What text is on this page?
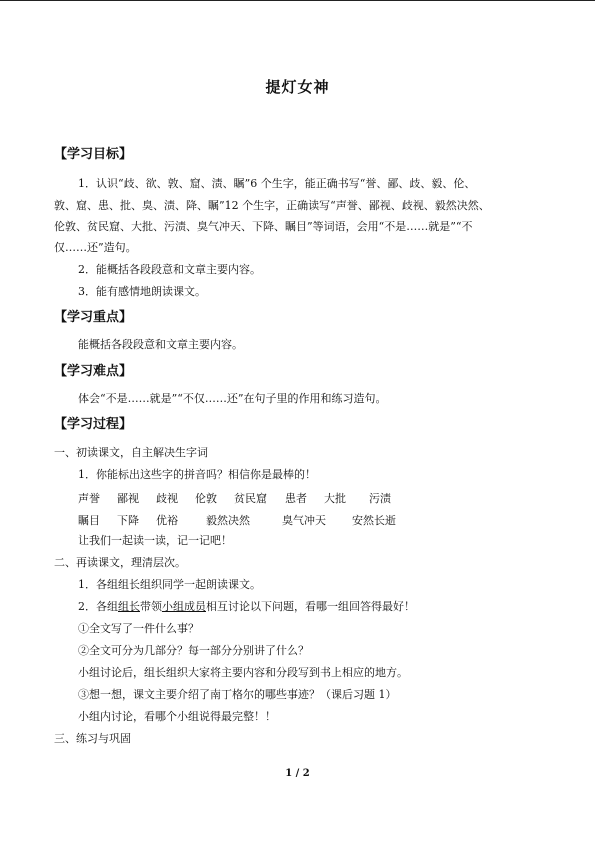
提灯女神
【学习目标】
1．认识“歧、欲、敦、窟、渍、瞩”6 个生字，能正确书写“誉、鄙、歧、毅、伦、
敦、窟、患、批、臭、渍、降、瞩”12 个生字，正确读写“声誉、鄙视、歧视、毅然决然、
伦敦、贫民窟、大批、污渍、臭气冲天、下降、瞩目”等词语，会用“不是……就是”“不
仅……还”造句。
2．能概括各段段意和文章主要内容。
3．能有感情地朗读课文。
【学习重点】
能概括各段段意和文章主要内容。
【学习难点】
体会“不是……就是”“不仅……还”在句子里的作用和练习造句。
【学习过程】
一、初读课文，自主解决生字词
1．你能标出这些字的拼音吗？相信你是最棒的！
声誉 鄙视 歧视 伦敦 贫民窟 患者 大批 污渍
瞩目 下降 优裕	毅然决然	臭气冲天 安然长逝
让我们一起读一读，记一记吧！
二、再读课文，理清层次。
1．各组组长组织同学一起朗读课文。
2．各组组长带领小组成员相互讨论以下问题，看哪一组回答得最好！
①全文写了一件什么事？
②全文可分为几部分？每一部分分别讲了什么？
小组讨论后，组长组织大家将主要内容和分段写到书上相应的地方。
③想一想，课文主要介绍了南丁格尔的哪些事迹？（课后习题 1）
小组内讨论，看哪个小组说得最完整！！
三、练习与巩固
1 / 2
